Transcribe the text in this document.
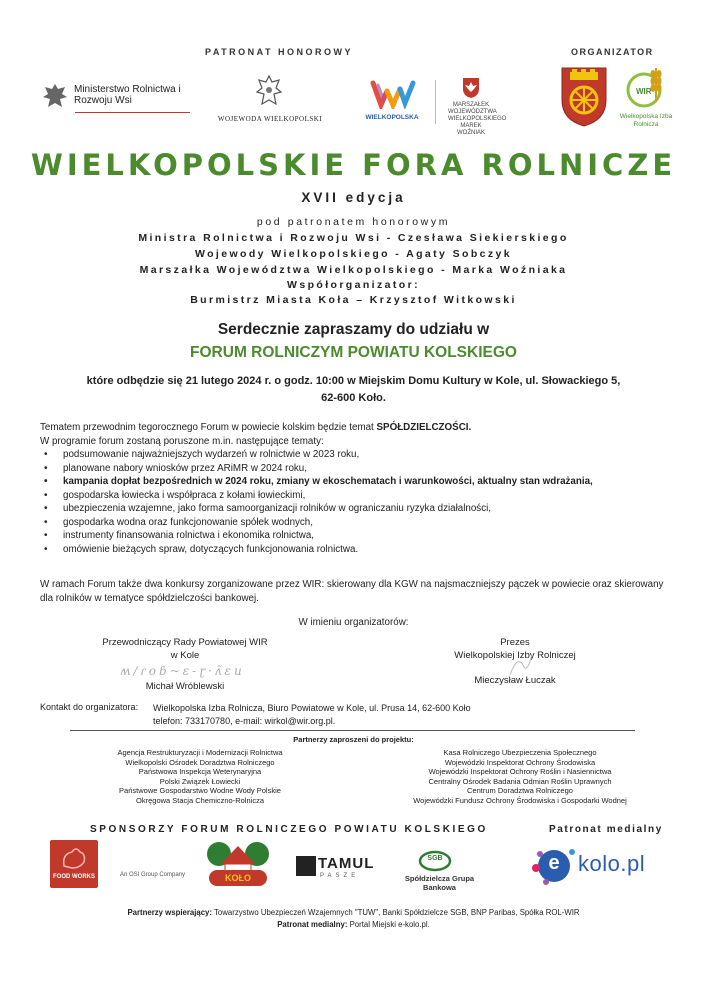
PATRONAT HONOROWY	ORGANIZATOR
Ministerstwo Rolnictwa i Rozwoju Wsi
WOJEWODA WIELKOPOLSKI	WIELKOPOLSKA
MARSZAŁEK WOJEWÓDZTWA WIELKOPOLSKIEGO MAREK WOŹNIAK
WIR
Wielkopolska Izba Rolnicza
WIELKOPOLSKIE FORA ROLNICZE
XVII edycja
pod patronatem honorowym
Ministra Rolnictwa i Rozwoju Wsi - Czesława Siekierskiego
Wojewody Wielkopolskiego - Agaty Sobczyk
Marszałka Województwa Wielkopolskiego - Marka Woźniaka
Współorganizator:
Burmistrz Miasta Koła – Krzysztof Witkowski
Serdecznie zapraszamy do udziału w
FORUM ROLNICZYM POWIATU KOLSKIEGO
które odbędzie się 21 lutego 2024 r. o godz. 10:00 w Miejskim Domu Kultury w Kole, ul. Słowackiego 5,
62-600 Koło.
Tematem przewodnim tegorocznego Forum w powiecie kolskim będzie temat SPÓŁDZIELCZOŚCI.
W programie forum zostaną poruszone m.in. następujące tematy:
• podsumowanie najważniejszych wydarzeń w rolnictwie w 2023 roku,
• planowane nabory wniosków przez ARiMR w 2024 roku,
• kampania dopłat bezpośrednich w 2024 roku, zmiany w ekoschematach i warunkowości, aktualny stan wdrażania,
• gospodarska łowiecka i współpraca z kołami łowieckimi,
• ubezpieczenia wzajemne, jako forma samoorganizacji rolników w ograniczaniu ryzyka działalności,
• gospodarka wodna oraz funkcjonowanie spółek wodnych,
• instrumenty finansowania rolnictwa i ekonomika rolnictwa,
• omówienie bieżących spraw, dotyczących funkcjonowania rolnictwa.
W ramach Forum także dwa konkursy zorganizowane przez WIR: skierowany dla KGW na najsmaczniejszy pączek w powiecie oraz skierowany dla rolników w tematyce spółdzielczości bankowej.
W imieniu organizatorów:
Przewodniczący Rady Powiatowej WIR
w Kole
ʍ∕ɾoɓ~ɛ-ɽ·ʌ̃ɛu
Michał Wróblewski
Prezes
Wielkopolskiej Izby Rolniczej
Mieczysław Łuczak
Kontakt do organizatora: Wielkopolska Izba Rolnicza, Biuro Powiatowe w Kole, ul. Prusa 14, 62-600 Koło
telefon: 733170780, e-mail: wirkol@wir.org.pl.
Partnerzy zaproszeni do projektu:
Agencja Restrukturyzacji i Modernizacji Rolnictwa
Wielkopolski Ośrodek Doradztwa Rolniczego
Państwowa Inspekcja Weterynaryjna
Polski Związek Łowiecki
Państwowe Gospodarstwo Wodne Wody Polskie
Okręgowa Stacja Chemiczno-Rolnicza
Kasa Rolniczego Ubezpieczenia Społecznego
Wojewódzki Inspektorat Ochrony Środowiska
Wojewódzki Inspektorat Ochrony Roślin i Nasiennictwa
Centralny Ośrodek Badania Odmian Roślin Uprawnych
Centrum Doradztwa Rolniczego
Wojewódzki Fundusz Ochrony Środowiska i Gospodarki Wodnej
SPONSORZY FORUM ROLNICZEGO POWIATU KOLSKIEGO	Patronat medialny
FOOD WORKS	An OSI Group Company	KOŁO
TAMUL
PASZE
SGB
Spółdzielcza Grupa Bankowa
e kolo.pl
Partnerzy wspierający: Towarzystwo Ubezpieczeń Wzajemnych "TUW", Banki Spółdzielcze SGB, BNP Paribas, Spółka ROL-WIR
Patronat medialny: Portal Miejski e-kolo.pl.
